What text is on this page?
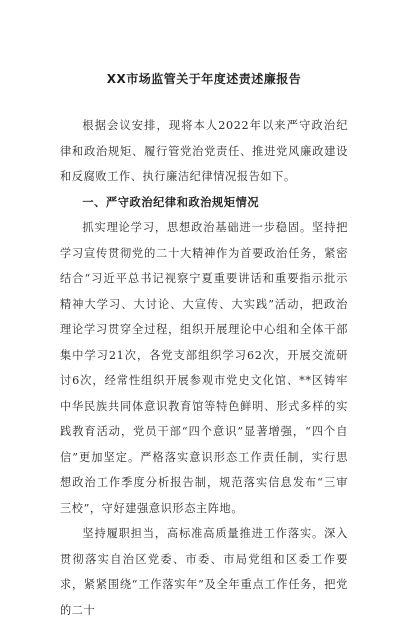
XX市场监管关于年度述责述廉报告

根据会议安排，现将本人2022年以来严守政治纪律和政治规矩、履行管党治党责任、推进党风廉政建设和反腐败工作、执行廉洁纪律情况报告如下。

一、严守政治纪律和政治规矩情况

抓实理论学习，思想政治基础进一步稳固。坚持把学习宣传贯彻党的二十大精神作为首要政治任务，紧密结合“习近平总书记视察宁夏重要讲话和重要指示批示精神大学习、大讨论、大宣传、大实践”活动，把政治理论学习贯穿全过程，组织开展理论中心组和全体干部集中学习21次，各党支部组织学习62次，开展交流研讨6次，经常性组织开展参观市党史文化馆、**区铸牢中华民族共同体意识教育馆等特色鲜明、形式多样的实践教育活动，党员干部“四个意识”显著增强，“四个自信”更加坚定。严格落实意识形态工作责任制，实行思想政治工作季度分析报告制，规范落实信息发布“三审三校”，守好建强意识形态主阵地。

坚持履职担当，高标准高质量推进工作落实。深入贯彻落实自治区党委、市委、市局党组和区委工作要求，紧紧围绕“工作落实年”及全年重点工作任务，把党的二十
